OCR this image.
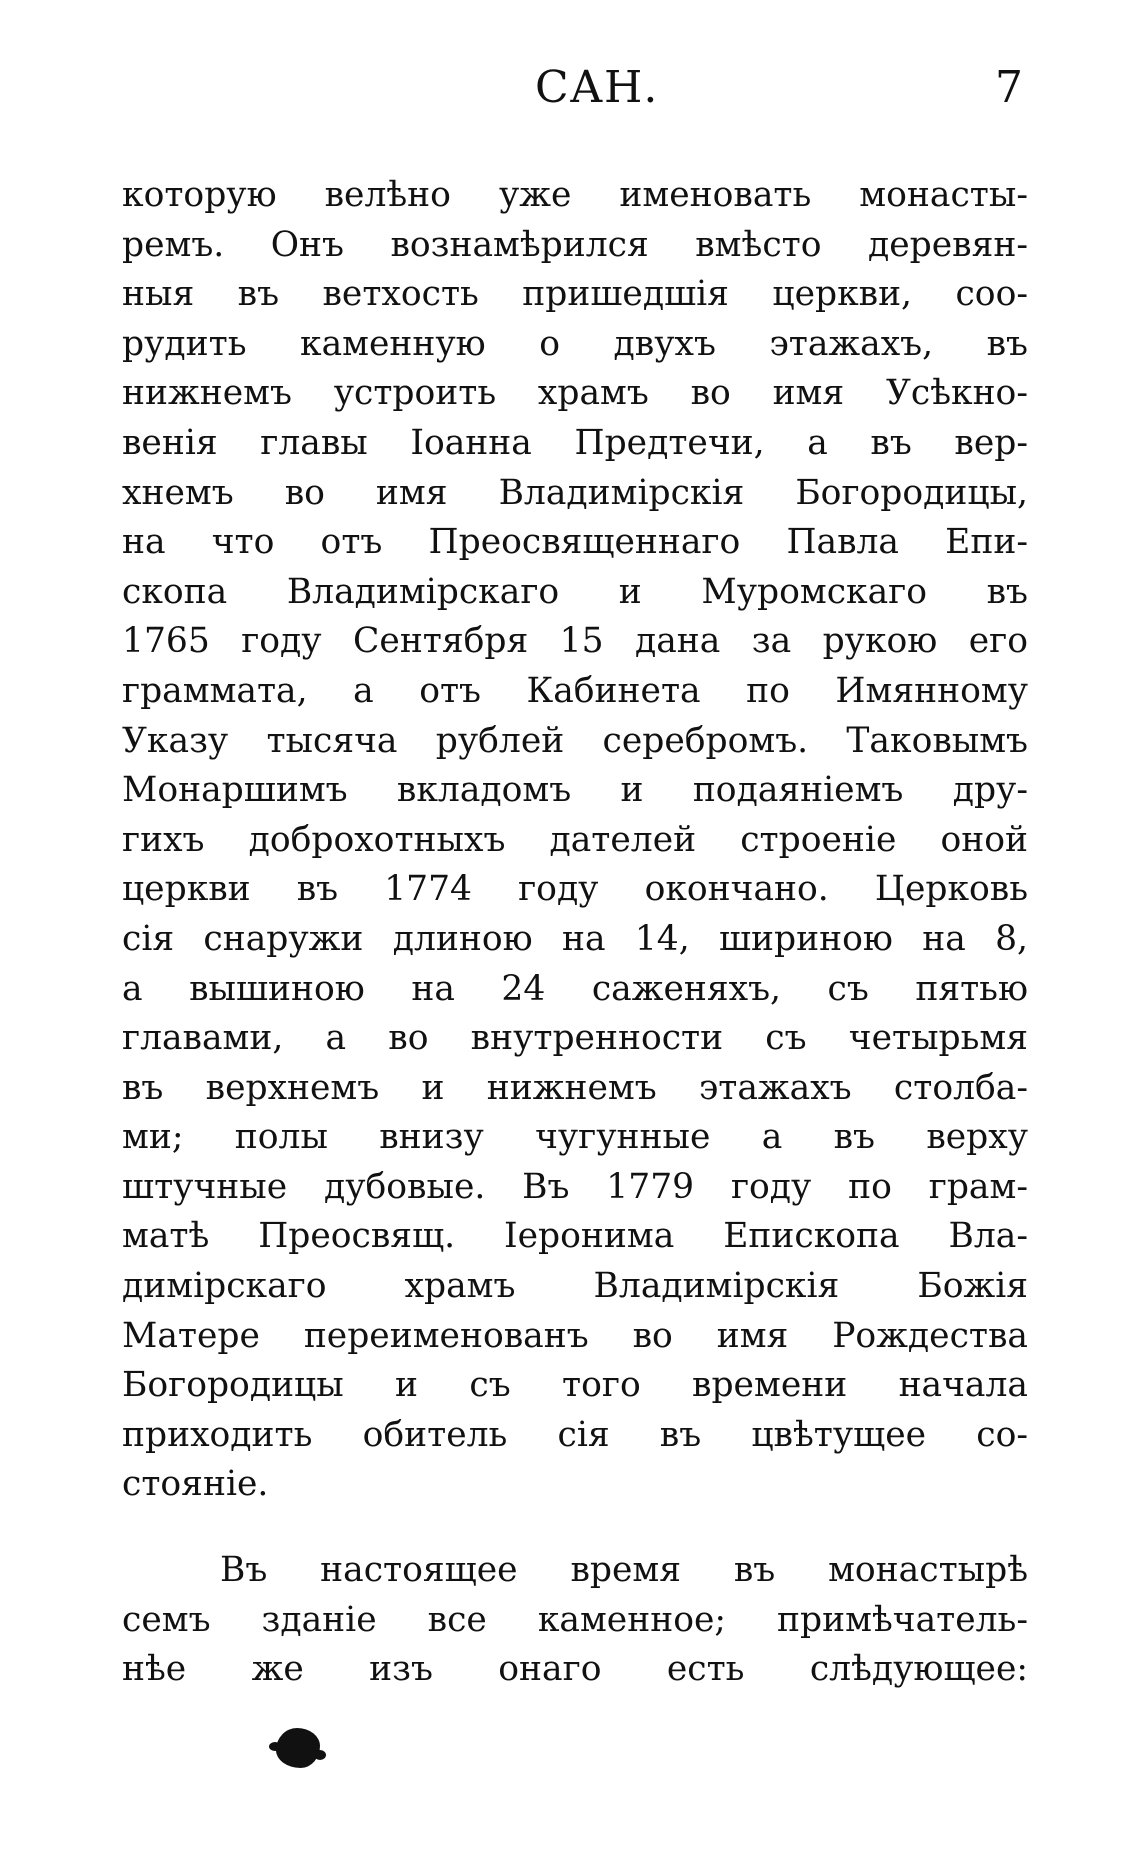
САН.	7
которую велѣно уже именовать монасты-
ремъ. Онъ вознамѣрился вмѣсто деревян-
ныя въ ветхость пришедшія церкви, соо-
рудить каменную о двухъ этажахъ, въ
нижнемъ устроить храмъ во имя Усѣкно-
венія главы Іоанна Предтечи, а въ вер-
хнемъ во имя Владимірскія Богородицы,
на что отъ Преосвященнаго Павла Епи-
скопа Владимірскаго и Муромскаго въ
1765 году Сентября 15 дана за рукою его
граммата, а отъ Кабинета по Имянному
Указу тысяча рублей серебромъ. Таковымъ
Монаршимъ вкладомъ и подаяніемъ дру-
гихъ доброхотныхъ дателей строеніе оной
церкви въ 1774 году окончано. Церковь
сія снаружи длиною на 14, шириною на 8,
а вышиною на 24 саженяхъ, съ пятью
главами, а во внутренности съ четырьмя
въ верхнемъ и нижнемъ этажахъ столба-
ми; полы внизу чугунные а въ верху
штучные дубовые. Въ 1779 году по грам-
матѣ Преосвящ. Іеронима Епископа Вла-
димірскаго храмъ Владимірскія Божія
Матере переименованъ во имя Рождества
Богородицы и съ того времени начала
приходить обитель сія въ цвѣтущее со-
стояніе.
Въ настоящее время въ монастырѣ
семъ зданіе все каменное; примѣчатель-
нѣе же изъ онаго есть слѣдующее:
